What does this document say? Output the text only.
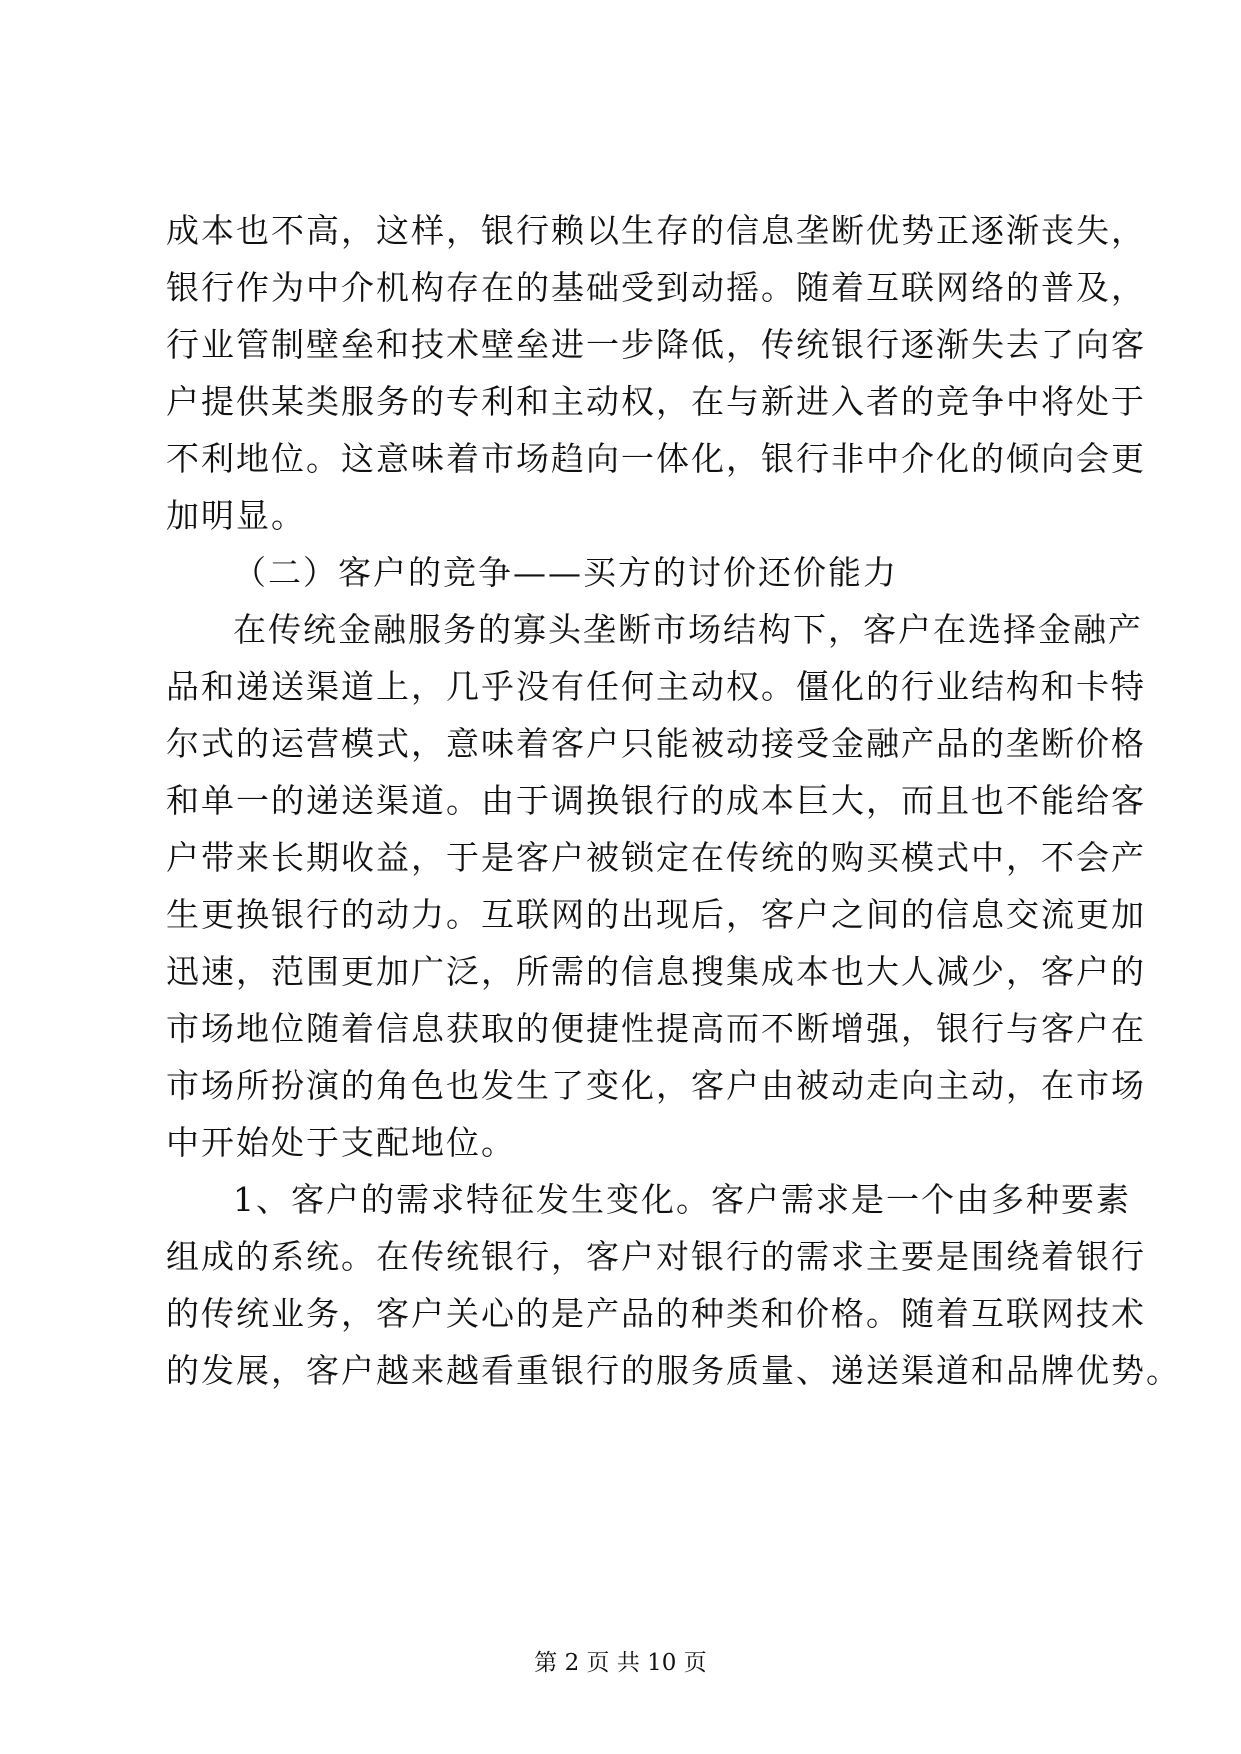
成本也不高，这样，银行赖以生存的信息垄断优势正逐渐丧失，
银行作为中介机构存在的基础受到动摇。随着互联网络的普及，
行业管制壁垒和技术壁垒进一步降低，传统银行逐渐失去了向客
户提供某类服务的专利和主动权，在与新进入者的竞争中将处于
不利地位。这意味着市场趋向一体化，银行非中介化的倾向会更
加明显。
（二）客户的竞争——买方的讨价还价能力
在传统金融服务的寡头垄断市场结构下，客户在选择金融产
品和递送渠道上，几乎没有任何主动权。僵化的行业结构和卡特
尔式的运营模式，意味着客户只能被动接受金融产品的垄断价格
和单一的递送渠道。由于调换银行的成本巨大，而且也不能给客
户带来长期收益，于是客户被锁定在传统的购买模式中，不会产
生更换银行的动力。互联网的出现后，客户之间的信息交流更加
迅速，范围更加广泛，所需的信息搜集成本也大人减少，客户的
市场地位随着信息获取的便捷性提高而不断增强，银行与客户在
市场所扮演的角色也发生了变化，客户由被动走向主动，在市场
中开始处于支配地位。
1、客户的需求特征发生变化。客户需求是一个由多种要素
组成的系统。在传统银行，客户对银行的需求主要是围绕着银行
的传统业务，客户关心的是产品的种类和价格。随着互联网技术
的发展，客户越来越看重银行的服务质量、递送渠道和品牌优势。
第 2 页 共 10 页
